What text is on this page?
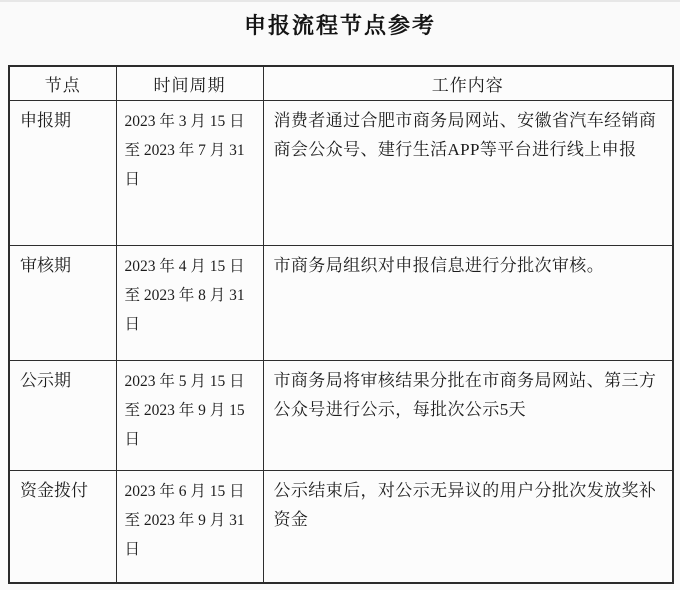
申报流程节点参考
节点	时间周期	工作内容
申报期	2023 年 3 月 15 日至 2023 年 7 月 31 日	消费者通过合肥市商务局网站、安徽省汽车经销商商会公众号、建行生活APP等平台进行线上申报
审核期	2023 年 4 月 15 日至 2023 年 8 月 31 日	市商务局组织对申报信息进行分批次审核。
公示期	2023 年 5 月 15 日至 2023 年 9 月 15 日	市商务局将审核结果分批在市商务局网站、第三方公众号进行公示，每批次公示5天
资金拨付	2023 年 6 月 15 日至 2023 年 9 月 31 日	公示结束后，对公示无异议的用户分批次发放奖补资金
